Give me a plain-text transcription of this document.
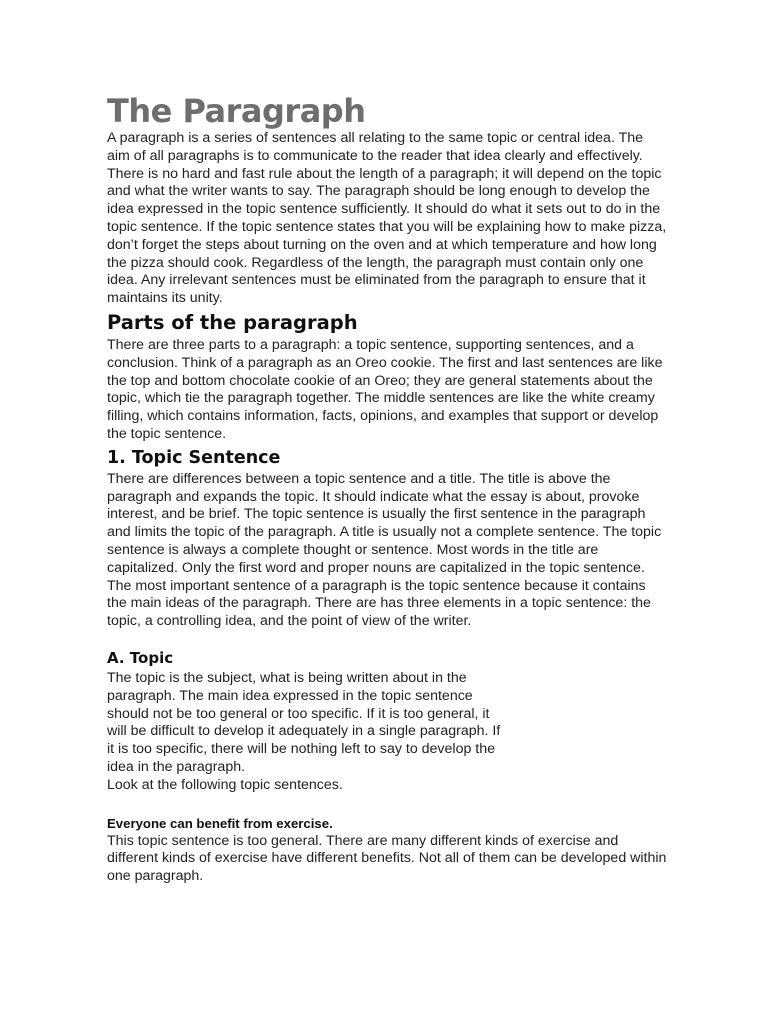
The Paragraph

A paragraph is a series of sentences all relating to the same topic or central idea. The aim of all paragraphs is to communicate to the reader that idea clearly and effectively.

There is no hard and fast rule about the length of a paragraph; it will depend on the topic and what the writer wants to say. The paragraph should be long enough to develop the idea expressed in the topic sentence sufficiently. It should do what it sets out to do in the topic sentence. If the topic sentence states that you will be explaining how to make pizza, don’t forget the steps about turning on the oven and at which temperature and how long the pizza should cook. Regardless of the length, the paragraph must contain only one idea. Any irrelevant sentences must be eliminated from the paragraph to ensure that it maintains its unity.

Parts of the paragraph

There are three parts to a paragraph: a topic sentence, supporting sentences, and a conclusion. Think of a paragraph as an Oreo cookie. The first and last sentences are like the top and bottom chocolate cookie of an Oreo; they are general statements about the topic, which tie the paragraph together. The middle sentences are like the white creamy filling, which contains information, facts, opinions, and examples that support or develop the topic sentence.

1. Topic Sentence

There are differences between a topic sentence and a title. The title is above the paragraph and expands the topic. It should indicate what the essay is about, provoke interest, and be brief. The topic sentence is usually the first sentence in the paragraph and limits the topic of the paragraph. A title is usually not a complete sentence. The topic sentence is always a complete thought or sentence. Most words in the title are capitalized. Only the first word and proper nouns are capitalized in the topic sentence.

The most important sentence of a paragraph is the topic sentence because it contains the main ideas of the paragraph. There are has three elements in a topic sentence: the topic, a controlling idea, and the point of view of the writer.

A. Topic

The topic is the subject, what is being written about in the paragraph. The main idea expressed in the topic sentence should not be too general or too specific. If it is too general, it will be difficult to develop it adequately in a single paragraph. If it is too specific, there will be nothing left to say to develop the idea in the paragraph.

Look at the following topic sentences.

Everyone can benefit from exercise.

This topic sentence is too general. There are many different kinds of exercise and different kinds of exercise have different benefits. Not all of them can be developed within one paragraph.
